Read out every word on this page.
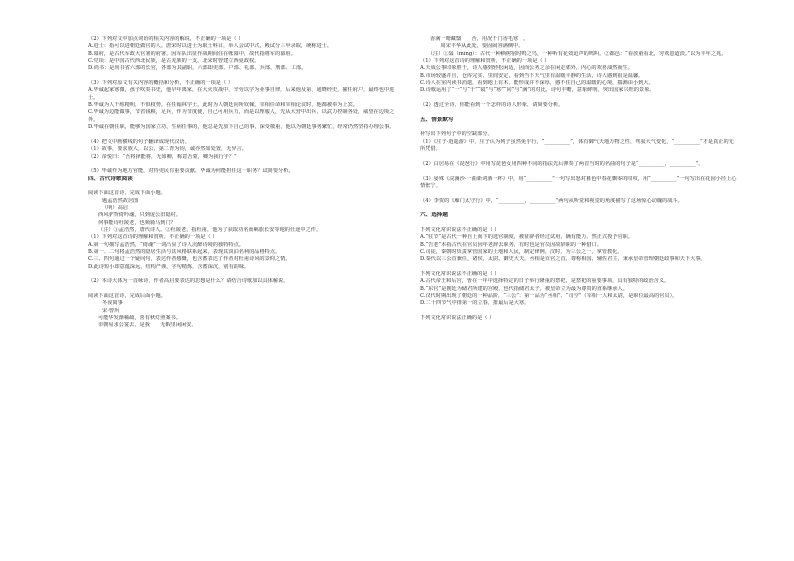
（2）下列对文中加点词语的相关内容的解说，不正确的一项是（ ）
A.进士：指可以进朝廷做官的人。唐宋时以进士为取士科目，举人会试中式，殿试分三甲录取，统称进士。
B.幕府，是古代军政大官署的府署，因军队出征作战期间住在帐幕中，故代指将军的幕府。
C.党项：是中国古代西北民族，是古羌族的一支，北宋时曾建立西夏政权。
D.尚书：是尚书省六部的长官，各部为其副职，六部即吏部、户部、礼部、兵部、刑部、工部。
（3）下列对原文有关内容的概括和分析，不正确的一项是（ ）
A.毕诚起家寒微，孩子吹奏书史，他早年离家，在大火攻战中，辛劳以学为业事自律，后来他及第，通晓经史，擢任府户，最终也中进士。
B.毕诚为人干练精明，不惧权势。在任翰林学士，此时为人朝廷向所钦佩，宰相任命和宰相论议时，他都被奉为上宾。
C.毕诚为边能做事，节省钱粮，足兵，作为节度使，自己可用兵力，而是以理服人，先从大营中出兵，以武力控制各处，威望在边境之外。
D.毕诚在朝任职，能够为国家立功，生病任事的，他总是先放下自己的事，深受敬重，他以为朝廷事务繁忙，经常仍然坚持办理公事。
（4）把文中画横线的句子翻译成现代汉语。
（1）故事，要求族人，以公、第二青为钧，诚亦然如处置，无异言。
（2）帝悦曰：“吾将择能将，无如卿，称意吾蒙，卿为我行乎？”
（5）毕诚作为地方官能，对待吏民有重要贡献，毕诚为何能担任这一职务？试简要分析。
四、古代诗歌阅读
阅读下面这首诗，完成下面小题。
题孟浩然故居图
（明）高启
西风驴背倚吟魂，只到庞公旧隐村。
何事能诗杜陵老，也频骑马到门？
（注）①孟浩然，唐代诗人。②杜陵老，指杜甫，他为了获取功名而羁旅长安等地的仕途中之作。
（1）下列对这首诗的理解和赏析，不正确的一项是（ ）
A.第一句描写孟浩然，“倚魂”一词凸显了诗人沉醉诗境的独特特点。
B.第一、二句将孟浩然的隐居生活与其风格联系起来，表现其淡泊名利的品格特点。
C.三、四句通过一个疑问句，表达作者感慨，也含蓄表达了作者对杜甫诗风的景仰之情。
D.此诗短小却意蕴深远，结构严谨，字句精炼，含蓄深沉，别有韵味。
（2）本诗大体为一首咏诗，作者高启要表达的思想是什么？请结合诗歌加以具体解说。
阅读下面这首诗，完成后面小题。
冬夜寓事
宋·曾巩
可能华发渐稀疏，喜有秋灯照案书。
市朝易求公宴去，是我　　无暇里闲闲安。
香满一晴藏翳　　否，用况千门香毛寒　。
　　周宋丰华从此处，要固闹容满侧中。
　　（注）①枭（míng）：古代一种栖树宿时鸣之鸟，一种听有花效迫声的鸣叫。②都邑：“看放童看北，穷欢恩道淡。”以为丰年之兆。
（1）下列对这首诗的理解和赏析，不正确的一项是（ ）
A.天成公事印象胜于，诗人感到轻松闲适，因而公务之余在闲走郊外，内心的欢喜油然而生。
B.市场较盛并且，仓库完实、里闾安定，看到当下天气里有温暖平静的生活，诗人感到很是温馨。
C.诗人在室内读书消遣，看到地上有木，能形成并不深厚，感不住自己的温暖的心境，揣测由小到大。
D.诗歌运用了“一”与“千”“镜”与“寒”“同”与“满”的对比，诗句丰赡，意象鲜明，突出国家兴旺的景象。
（2）透过全诗，你能看到一个怎样的诗人形象，请简要分析。
五、情景默写
补写出下列句子中的空缺部分。
（1）《庄子·逍遥游》中，庄子认为列子虽然免乎行，“__________”，体有御气天地万物之性，驾驭大气变化，“__________”才是真正的无所凭借。
（2）白居易在《琵琶行》中用写琵琶女用四种不同的指法先后弹奏了两首当时的名曲的句子是“__________，__________”。
（3）晏殊《浣溪沙·一曲新词酒一杯》中，用“__________”一句写出怒对暮色中春花飘零的叹叹，用“__________”一句写出在花园小径上心情怅宁。
（4）李贺的《雁门太守行》中，“__________，__________”两句从听觉和视觉的角度描写了这场惊心动魄的战斗。
六、选择题
下列文化常识说法不正确的是（ ）
A.“驻节”是古代一种自上而下的选官制度，被征辟者经过试用，确有能力，然正式授予官职。
B.“告老”本指古代在官员因年老辞去职务，有时也是官员因故辞职的一种借口。
C.司徒，秦朝时负责掌管国家的土地和人民，制定律例。汉时，为三公之一，掌管教化。
D.秦代以三公首兼任，诸侯，太尉、御史大夫。丞相是百官之首，尊称相国，辅佐君主，秉承皇帝管理朝廷政事和天下大事。
下列文化常识说法不正确的是（ ）
A.古代帝王和后宫，皆在一年中选择特定的日子举行隆重的祭祀，是祭祀的重要事项，具有独特的政治含义。
B.“东官”是朝廷为储君所建的宫殿，也代指储君太子，被皇帝立为最为尊贵的直系继承人。
C.汉代时期出现了朝廷的一种品阶，“三公”：第一品为“丞相”、“司空”（宰相一人和太尉，是职位最高的官员）。
D.二十四节气中排第一的立春，排最后是大寒。
下列文化常识说法正确的是（ ）
